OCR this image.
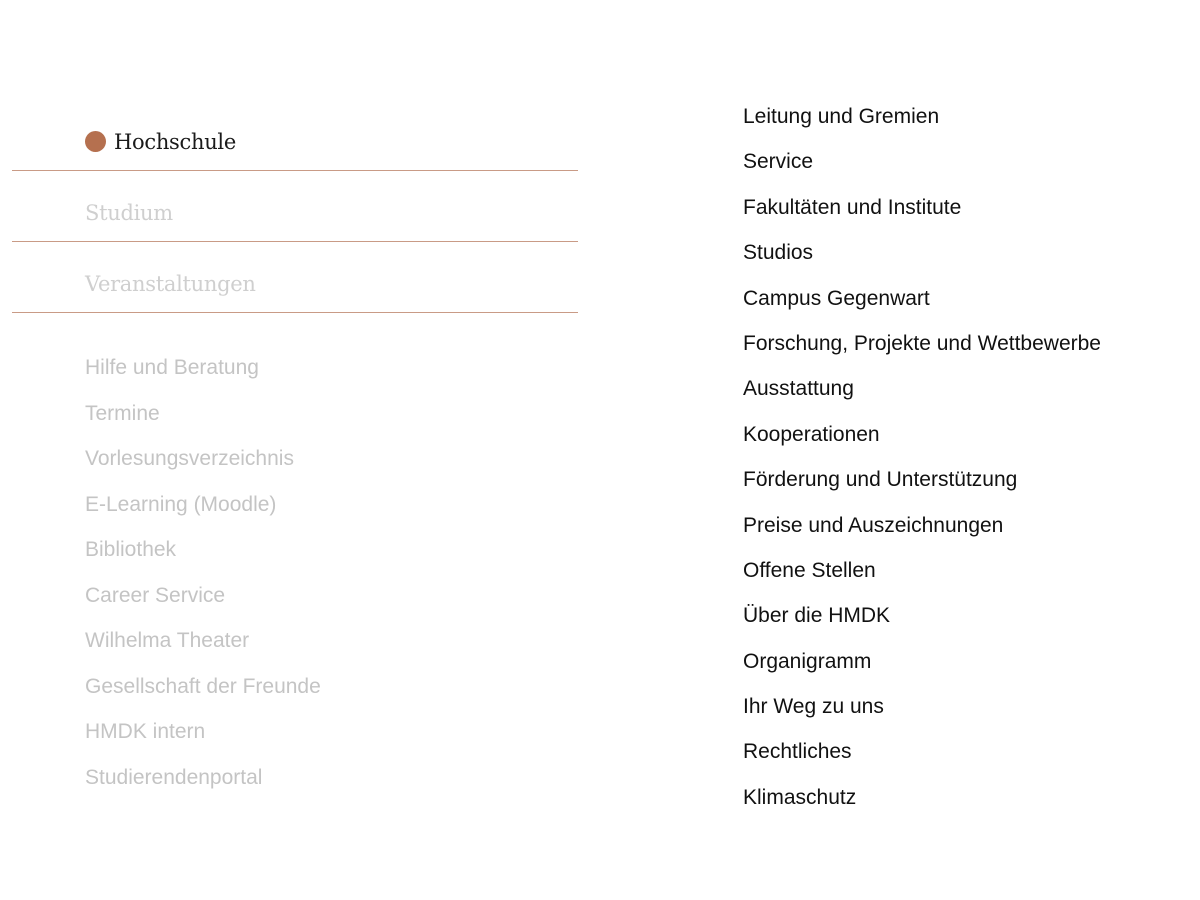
Hochschule
Studium
Veranstaltungen
Hilfe und Beratung
Termine
Vorlesungsverzeichnis
E-Learning (Moodle)
Bibliothek
Career Service
Wilhelma Theater
Gesellschaft der Freunde
HMDK intern
Studierendenportal
Leitung und Gremien
Service
Fakultäten und Institute
Studios
Campus Gegenwart
Forschung, Projekte und Wettbewerbe
Ausstattung
Kooperationen
Förderung und Unterstützung
Preise und Auszeichnungen
Offene Stellen
Über die HMDK
Organigramm
Ihr Weg zu uns
Rechtliches
Klimaschutz
